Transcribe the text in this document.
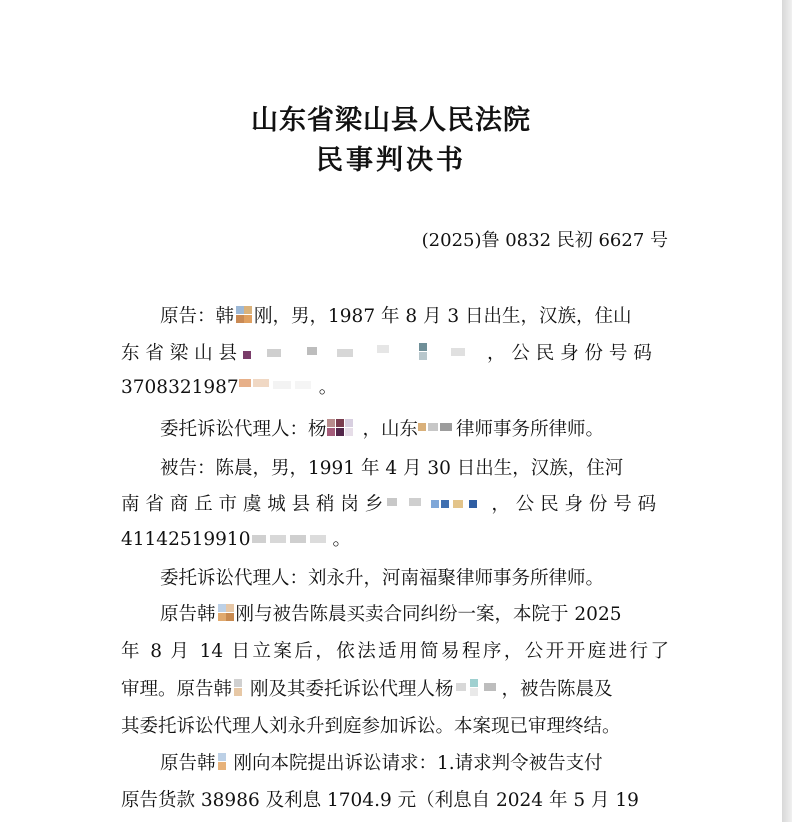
山东省梁山县人民法院
民事判决书
(2025)鲁 0832 民初 6627 号
原告：韩 刚，男，1987 年 8 月 3 日出生，汉族，住山
东 省 梁 山 县	， 公 民 身 份 号 码
3708321987	。
委托诉讼代理人：杨 ，山东 律师事务所律师。
被告：陈晨，男，1991 年 4 月 30 日出生，汉族，住河
南 省 商 丘 市 虞 城 县 稍 岗 乡	， 公 民 身 份 号 码
41142519910	。
委托诉讼代理人：刘永升，河南福聚律师事务所律师。
原告韩 刚与被告陈晨买卖合同纠纷一案，本院于 2025
年 8 月 14 日立案后，依法适用简易程序，公开开庭进行了
审理。原告韩 刚及其委托诉讼代理人杨	，被告陈晨及
其委托诉讼代理人刘永升到庭参加诉讼。本案现已审理终结。
原告韩 刚向本院提出诉讼请求：1.请求判令被告支付
原告货款 38986 及利息 1704.9 元（利息自 2024 年 5 月 19
